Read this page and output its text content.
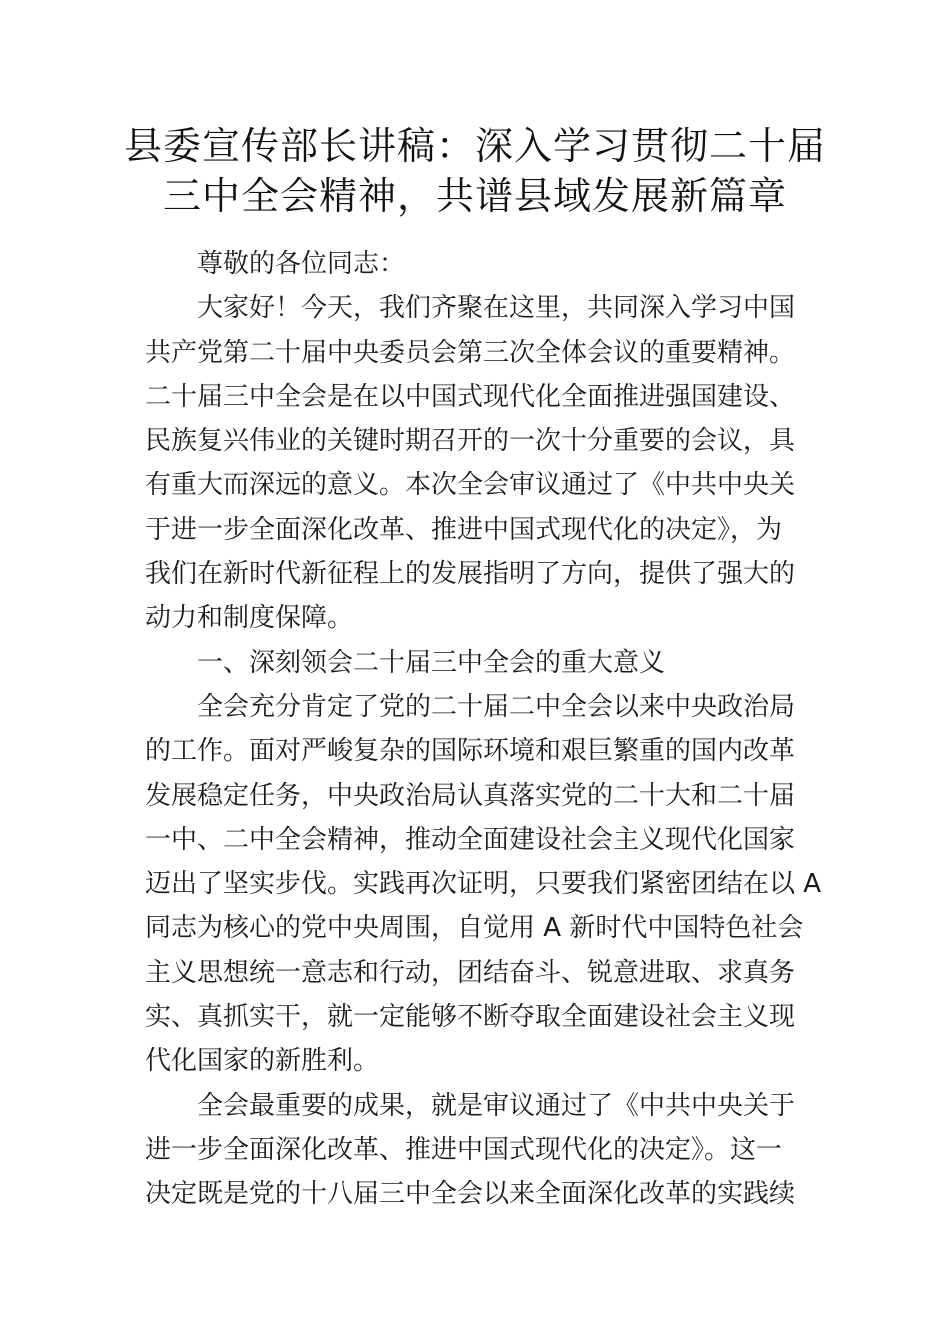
县委宣传部长讲稿：深入学习贯彻二十届
三中全会精神，共谱县域发展新篇章
尊敬的各位同志：
大家好！今天，我们齐聚在这里，共同深入学习中国
共产党第二十届中央委员会第三次全体会议的重要精神。
二十届三中全会是在以中国式现代化全面推进强国建设、
民族复兴伟业的关键时期召开的一次十分重要的会议，具
有重大而深远的意义。本次全会审议通过了《中共中央关
于进一步全面深化改革、推进中国式现代化的决定》，为
我们在新时代新征程上的发展指明了方向，提供了强大的
动力和制度保障。
一、深刻领会二十届三中全会的重大意义
全会充分肯定了党的二十届二中全会以来中央政治局
的工作。面对严峻复杂的国际环境和艰巨繁重的国内改革
发展稳定任务，中央政治局认真落实党的二十大和二十届
一中、二中全会精神，推动全面建设社会主义现代化国家
迈出了坚实步伐。实践再次证明，只要我们紧密团结在以 A
同志为核心的党中央周围，自觉用 A 新时代中国特色社会
主义思想统一意志和行动，团结奋斗、锐意进取、求真务
实、真抓实干，就一定能够不断夺取全面建设社会主义现
代化国家的新胜利。
全会最重要的成果，就是审议通过了《中共中央关于
进一步全面深化改革、推进中国式现代化的决定》。这一
决定既是党的十八届三中全会以来全面深化改革的实践续
